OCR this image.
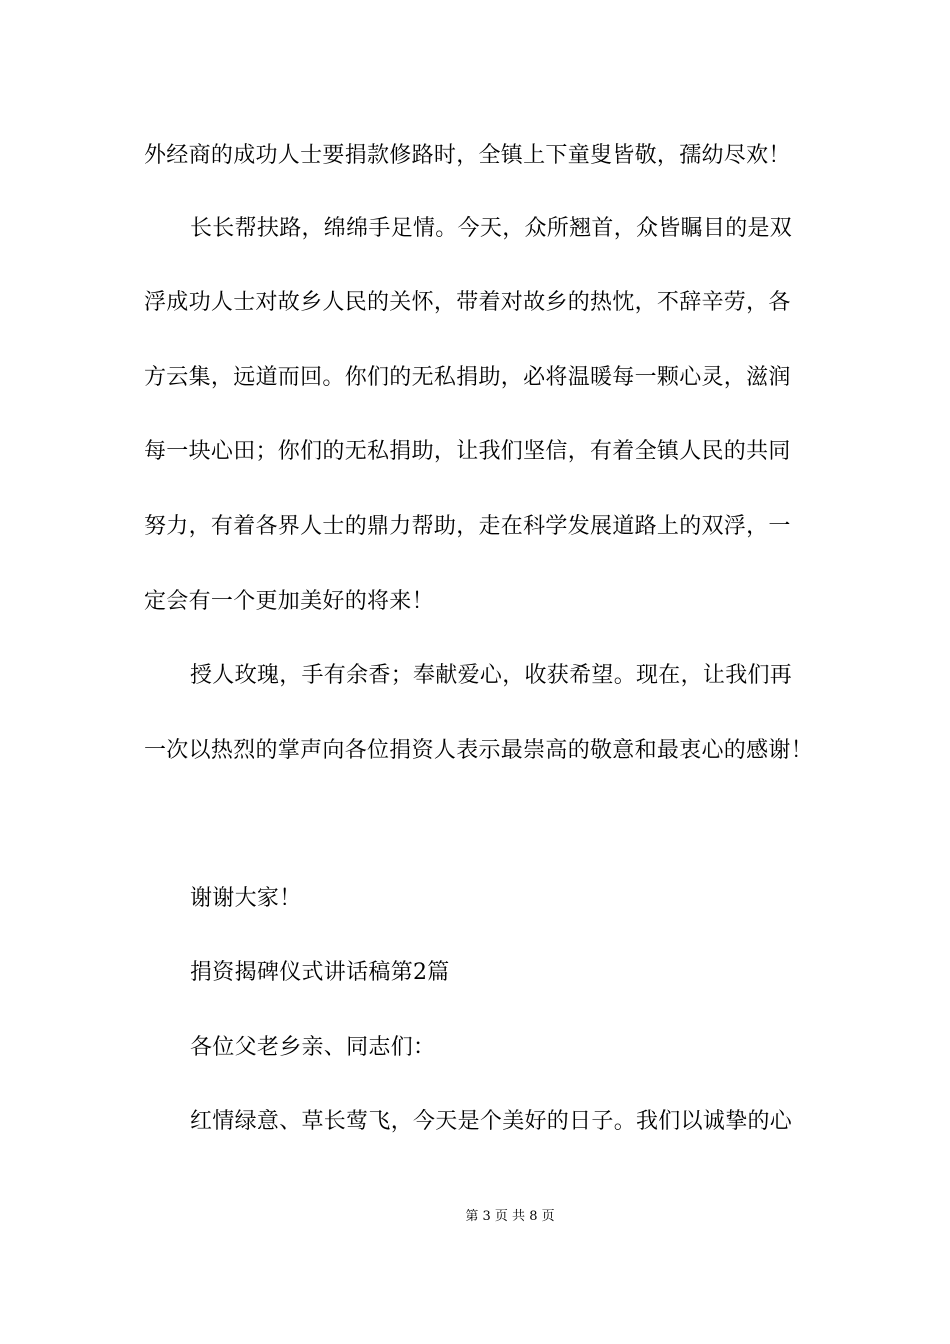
外经商的成功人士要捐款修路时，全镇上下童叟皆敬，孺幼尽欢！
长长帮扶路，绵绵手足情。今天，众所翘首，众皆瞩目的是双
浮成功人士对故乡人民的关怀，带着对故乡的热忱，不辞辛劳，各
方云集，远道而回。你们的无私捐助，必将温暖每一颗心灵，滋润
每一块心田；你们的无私捐助，让我们坚信，有着全镇人民的共同
努力，有着各界人士的鼎力帮助，走在科学发展道路上的双浮，一
定会有一个更加美好的将来！
授人玫瑰，手有余香；奉献爱心，收获希望。现在，让我们再
一次以热烈的掌声向各位捐资人表示最崇高的敬意和最衷心的感谢！
谢谢大家！
捐资揭碑仪式讲话稿第2篇
各位父老乡亲、同志们：
红情绿意、草长莺飞，今天是个美好的日子。我们以诚挚的心
第 3 页 共 8 页
